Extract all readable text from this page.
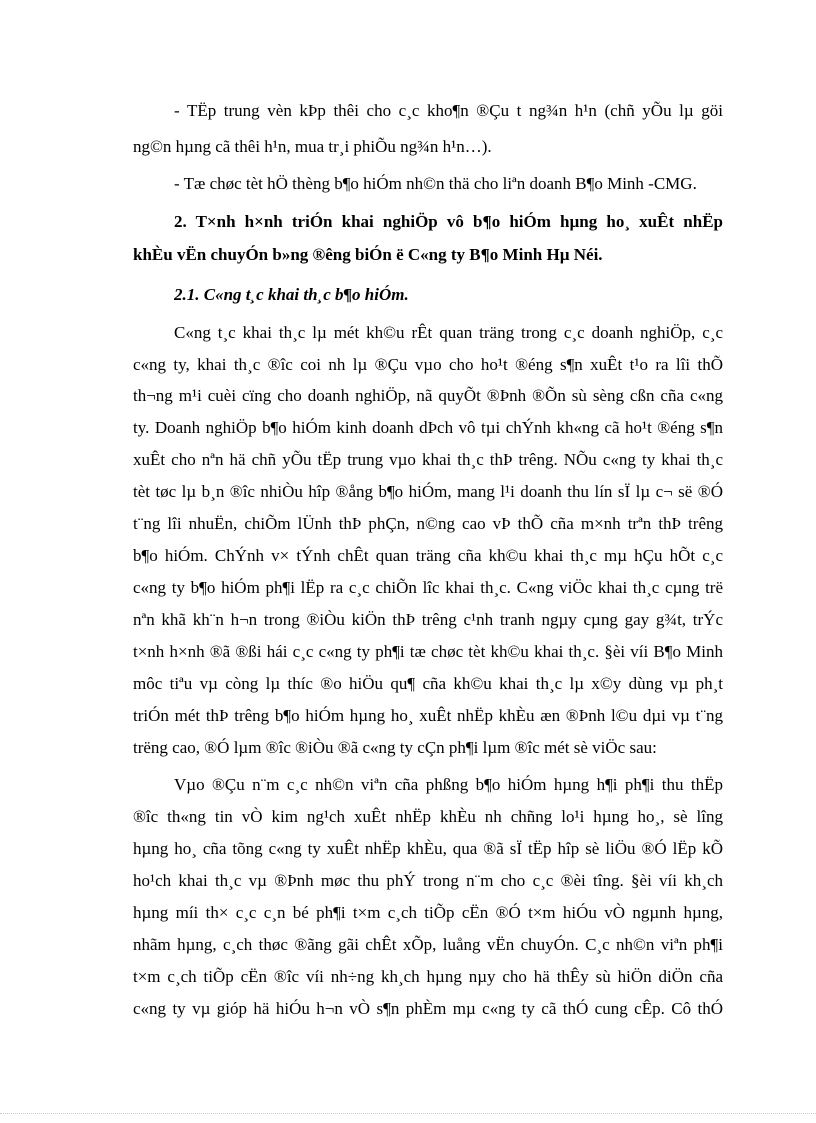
- TËp trung vèn kÞp thêi cho c¸c kho¶n ®Çu t ng¾n h¹n (chñ yÕu lµ göi
ng©n hµng cã thêi h¹n, mua tr¸i phiÕu ng¾n h¹n…).
- Tæ chøc tèt hÖ thèng b¶o hiÓm nh©n thä cho liªn doanh B¶o Minh -CMG.
2. T×nh h×nh triÓn khai nghiÖp vô b¶o hiÓm hµng ho¸ xuÊt nhËp
khÈu vËn chuyÓn b»ng ®êng biÓn ë C«ng ty B¶o Minh Hµ Néi.
2.1. C«ng t¸c khai th¸c b¶o hiÓm.
C«ng t¸c khai th¸c lµ mét kh©u rÊt quan träng trong c¸c doanh nghiÖp, c¸c
c«ng ty, khai th¸c ®îc coi nh lµ ®Çu vµo cho ho¹t ®éng s¶n xuÊt t¹o ra lîi thÕ
th¬ng m¹i cuèi cïng cho doanh nghiÖp, nã quyÕt ®Þnh ®Õn sù sèng cßn cña c«ng
ty. Doanh nghiÖp b¶o hiÓm kinh doanh dÞch vô tµi chÝnh kh«ng cã ho¹t ®éng s¶n
xuÊt cho nªn hä chñ yÕu tËp trung vµo khai th¸c thÞ trêng. NÕu c«ng ty khai th¸c
tèt tøc lµ b¸n ®îc nhiÒu hîp ®ång b¶o hiÓm, mang l¹i doanh thu lín sÏ lµ c¬ së ®Ó
t¨ng lîi nhuËn, chiÕm lÜnh thÞ phÇn, n©ng cao vÞ thÕ cña m×nh trªn thÞ trêng
b¶o hiÓm. ChÝnh v× tÝnh chÊt quan träng cña kh©u khai th¸c mµ hÇu hÕt c¸c
c«ng ty b¶o hiÓm ph¶i lËp ra c¸c chiÕn lîc khai th¸c. C«ng viÖc khai th¸c cµng trë
nªn khã kh¨n h¬n trong ®iÒu kiÖn thÞ trêng c¹nh tranh ngµy cµng gay g¾t, trÝc
t×nh h×nh ®ã ®ßi hái c¸c c«ng ty ph¶i tæ chøc tèt kh©u khai th¸c. §èi víi B¶o Minh
môc tiªu vµ còng lµ thíc ®o hiÖu qu¶ cña kh©u khai th¸c lµ x©y dùng vµ ph¸t
triÓn mét thÞ trêng b¶o hiÓm hµng ho¸ xuÊt nhËp khÈu æn ®Þnh l©u dµi vµ t¨ng
trëng cao, ®Ó lµm ®îc ®iÒu ®ã c«ng ty cÇn ph¶i lµm ®îc mét sè viÖc sau:
Vµo ®Çu n¨m c¸c nh©n viªn cña phßng b¶o hiÓm hµng h¶i ph¶i thu thËp
®îc th«ng tin vÒ kim ng¹ch xuÊt nhËp khÈu nh chñng lo¹i hµng ho¸, sè lîng
hµng ho¸ cña tõng c«ng ty xuÊt nhËp khÈu, qua ®ã sÏ tËp hîp sè liÖu ®Ó lËp kÕ
ho¹ch khai th¸c vµ ®Þnh møc thu phÝ trong n¨m cho c¸c ®èi tîng. §èi víi kh¸ch
hµng míi th× c¸c c¸n bé ph¶i t×m c¸ch tiÕp cËn ®Ó t×m hiÓu vÒ ngµnh hµng,
nhãm hµng, c¸ch thøc ®ãng gãi chÊt xÕp, luång vËn chuyÓn. C¸c nh©n viªn ph¶i
t×m c¸ch tiÕp cËn ®îc víi nh÷ng kh¸ch hµng nµy cho hä thÊy sù hiÖn diÖn cña
c«ng ty vµ gióp hä hiÓu h¬n vÒ s¶n phÈm mµ c«ng ty cã thÓ cung cÊp. Cô thÓ
